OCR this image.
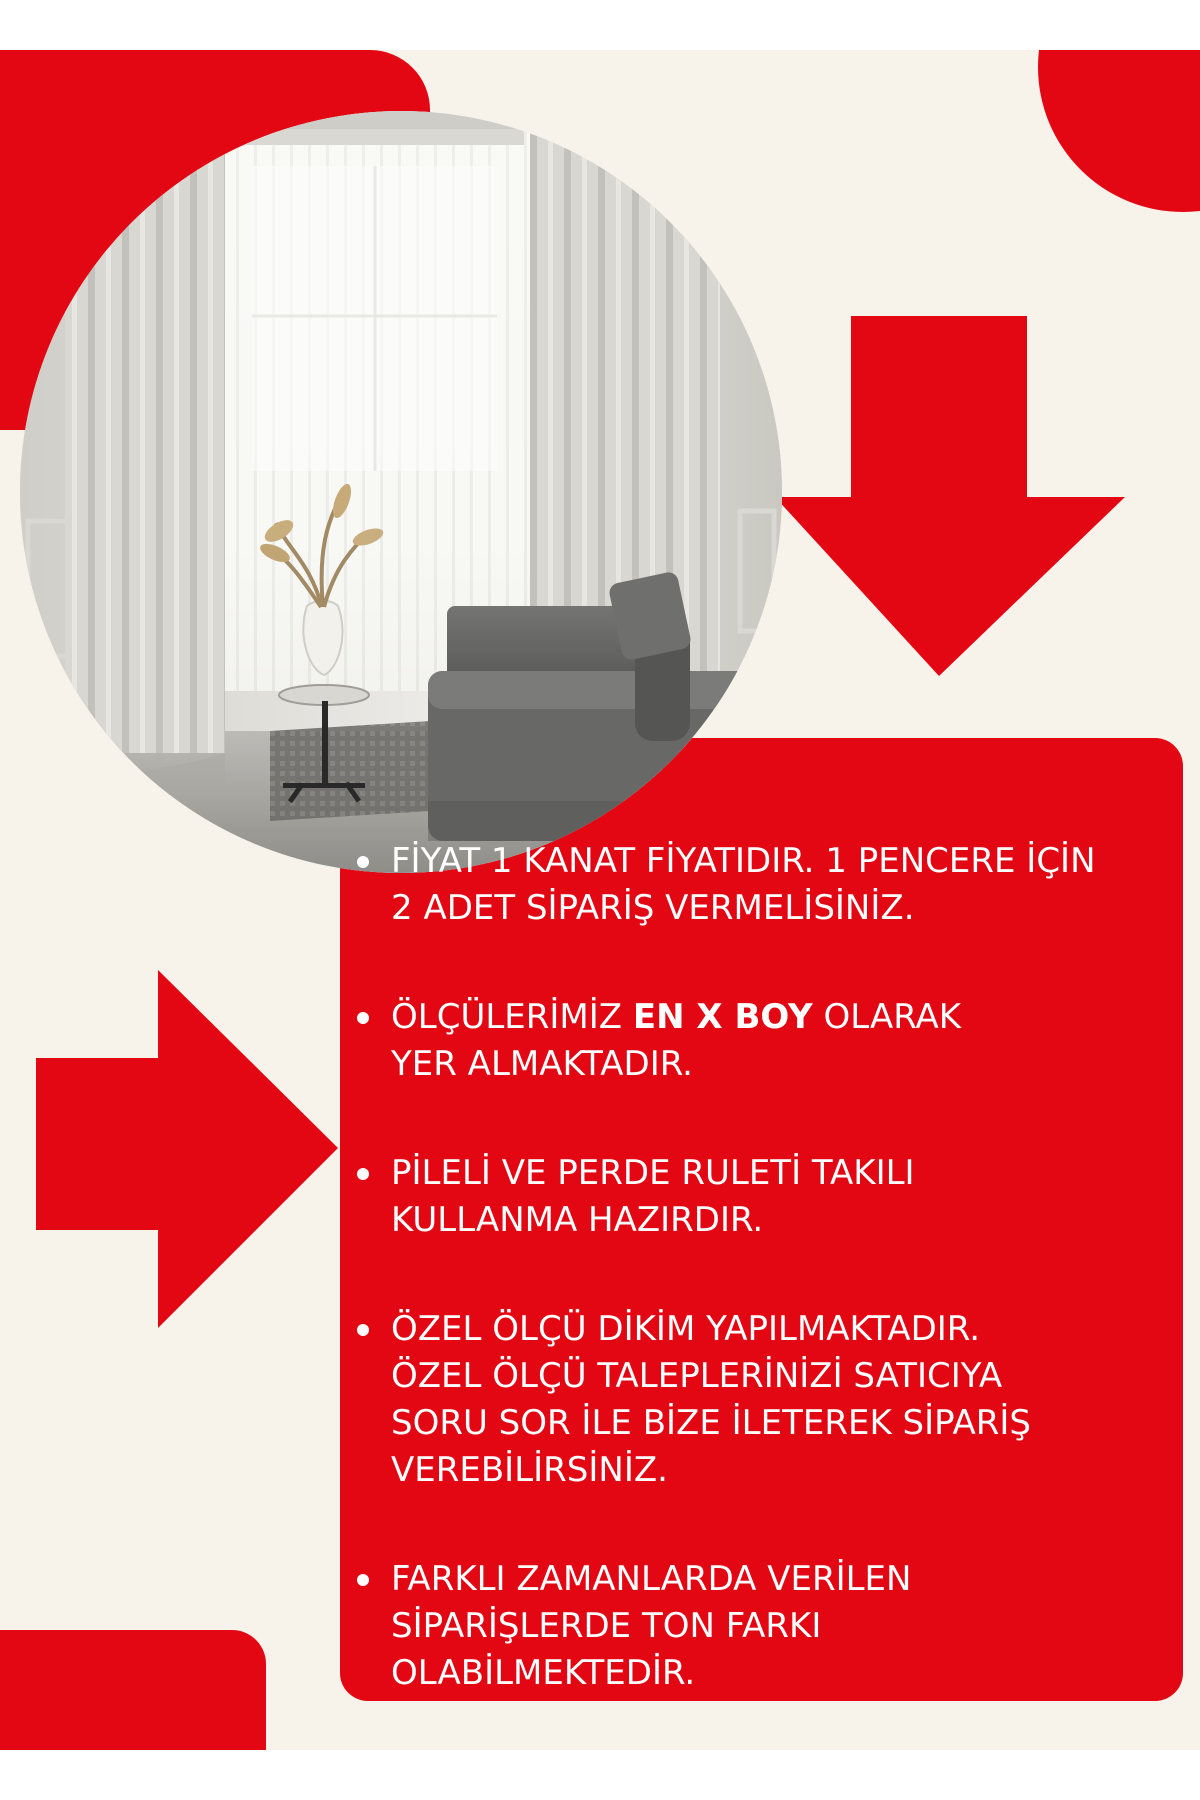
FİYAT 1 KANAT FİYATIDIR. 1 PENCERE İÇİN
2 ADET SİPARİŞ VERMELİSİNİZ.
ÖLÇÜLERİMİZ EN X BOY OLARAK
YER ALMAKTADIR.
PİLELİ VE PERDE RULETİ TAKILI
KULLANMA HAZIRDIR.
ÖZEL ÖLÇÜ DİKİM YAPILMAKTADIR.
ÖZEL ÖLÇÜ TALEPLERİNİZİ SATICIYA
SORU SOR İLE BİZE İLETEREK SİPARİŞ
VEREBİLİRSİNİZ.
FARKLI ZAMANLARDA VERİLEN
SİPARİŞLERDE TON FARKI
OLABİLMEKTEDİR.
